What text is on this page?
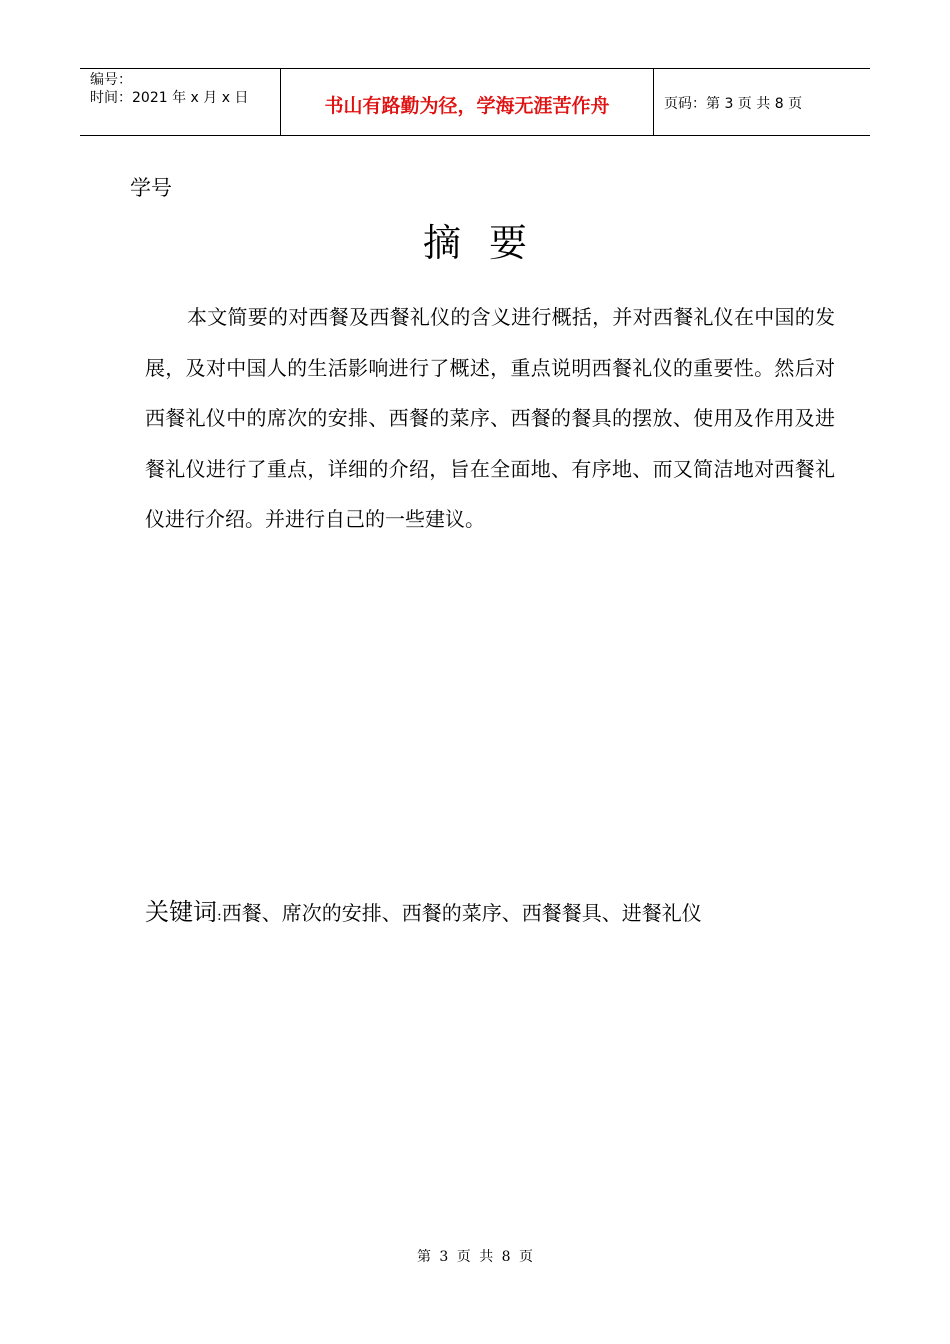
编号：
时间：2021 年 x 月 x 日	书山有路勤为径，学海无涯苦作舟	页码：第 3 页 共 8 页
学号
摘要
本文简要的对西餐及西餐礼仪的含义进行概括，并对西餐礼仪在中国的发展，及对中国人的生活影响进行了概述，重点说明西餐礼仪的重要性。然后对西餐礼仪中的席次的安排、西餐的菜序、西餐的餐具的摆放、使用及作用及进餐礼仪进行了重点，详细的介绍，旨在全面地、有序地、而又简洁地对西餐礼仪进行介绍。并进行自己的一些建议。
关键词:西餐、席次的安排、西餐的菜序、西餐餐具、进餐礼仪
第 3 页 共 8 页
